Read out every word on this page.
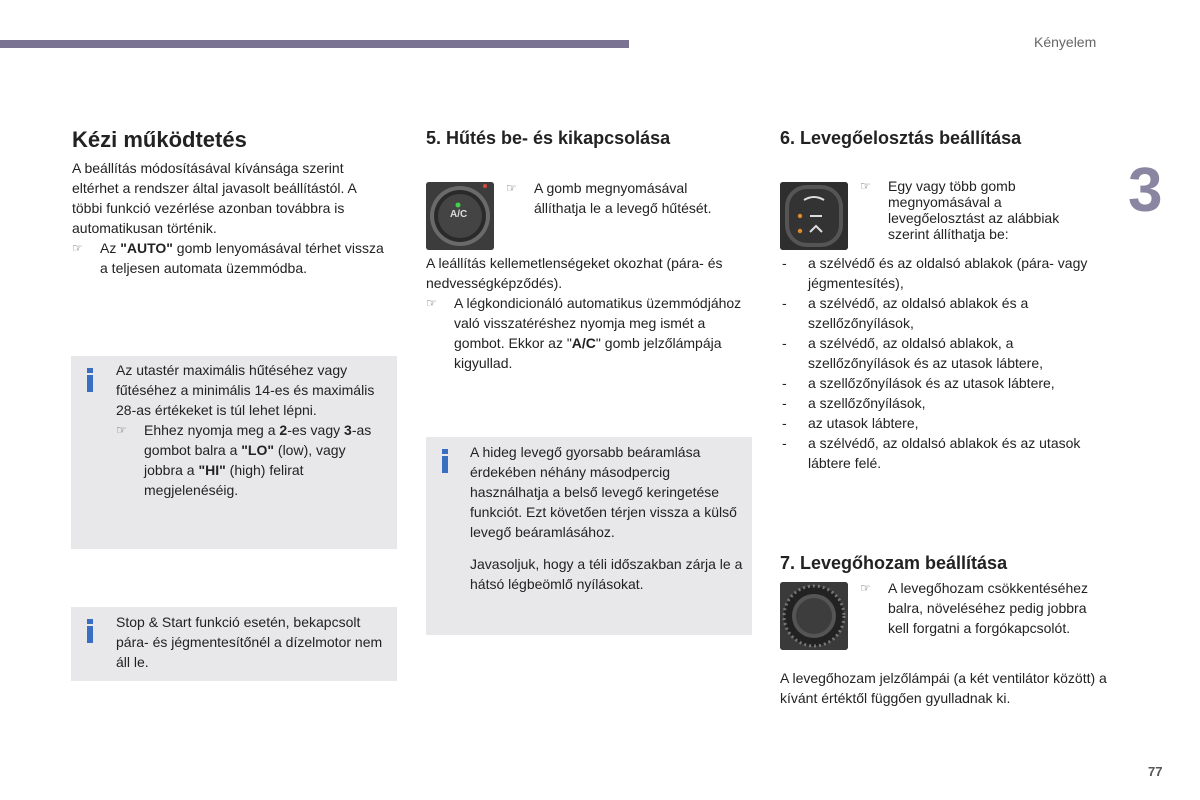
Kényelem
3
Kézi működtetés

A beállítás módosításával kívánsága szerint eltérhet a rendszer által javasolt beállítástól. A többi funkció vezérlése azonban továbbra is automatikusan történik.

☞ Az "AUTO" gomb lenyomásával térhet vissza a teljesen automata üzemmódba.

Az utastér maximális hűtéséhez vagy fűtéséhez a minimális 14-es és maximális 28-as értékeket is túl lehet lépni.

☞ Ehhez nyomja meg a 2-es vagy 3-as gombot balra a "LO" (low), vagy jobbra a "HI" (high) felirat megjelenéséig.

Stop & Start funkció esetén, bekapcsolt pára- és jégmentesítőnél a dízelmotor nem áll le.

5. Hűtés be- és kikapcsolása
A/C
☞ A gomb megnyomásával állíthatja le a levegő hűtését.

A leállítás kellemetlenségeket okozhat (pára- és nedvességképződés).

☞ A légkondicionáló automatikus üzemmódjához való visszatéréshez nyomja meg ismét a gombot. Ekkor az "A/C" gomb jelzőlámpája kigyullad.

A hideg levegő gyorsabb beáramlása érdekében néhány másodpercig használhatja a belső levegő keringetése funkciót. Ezt követően térjen vissza a külső levegő beáramlásához.

Javasoljuk, hogy a téli időszakban zárja le a hátsó légbeömlő nyílásokat.

6. Levegőelosztás beállítása
☞ Egy vagy több gomb megnyomásával a levegőelosztást az alábbiak szerint állíthatja be:
- a szélvédő és az oldalsó ablakok (pára- vagy jégmentesítés),
- a szélvédő, az oldalsó ablakok és a szellőzőnyílások,
- a szélvédő, az oldalsó ablakok, a szellőzőnyílások és az utasok lábtere,
- a szellőzőnyílások és az utasok lábtere,
- a szellőzőnyílások,
- az utasok lábtere,
- a szélvédő, az oldalsó ablakok és az utasok lábtere felé.
7. Levegőhozam beállítása
☞ A levegőhozam csökkentéséhez balra, növeléséhez pedig jobbra kell forgatni a forgókapcsolót.

A levegőhozam jelzőlámpái (a két ventilátor között) a kívánt értéktől függően gyulladnak ki.

77
